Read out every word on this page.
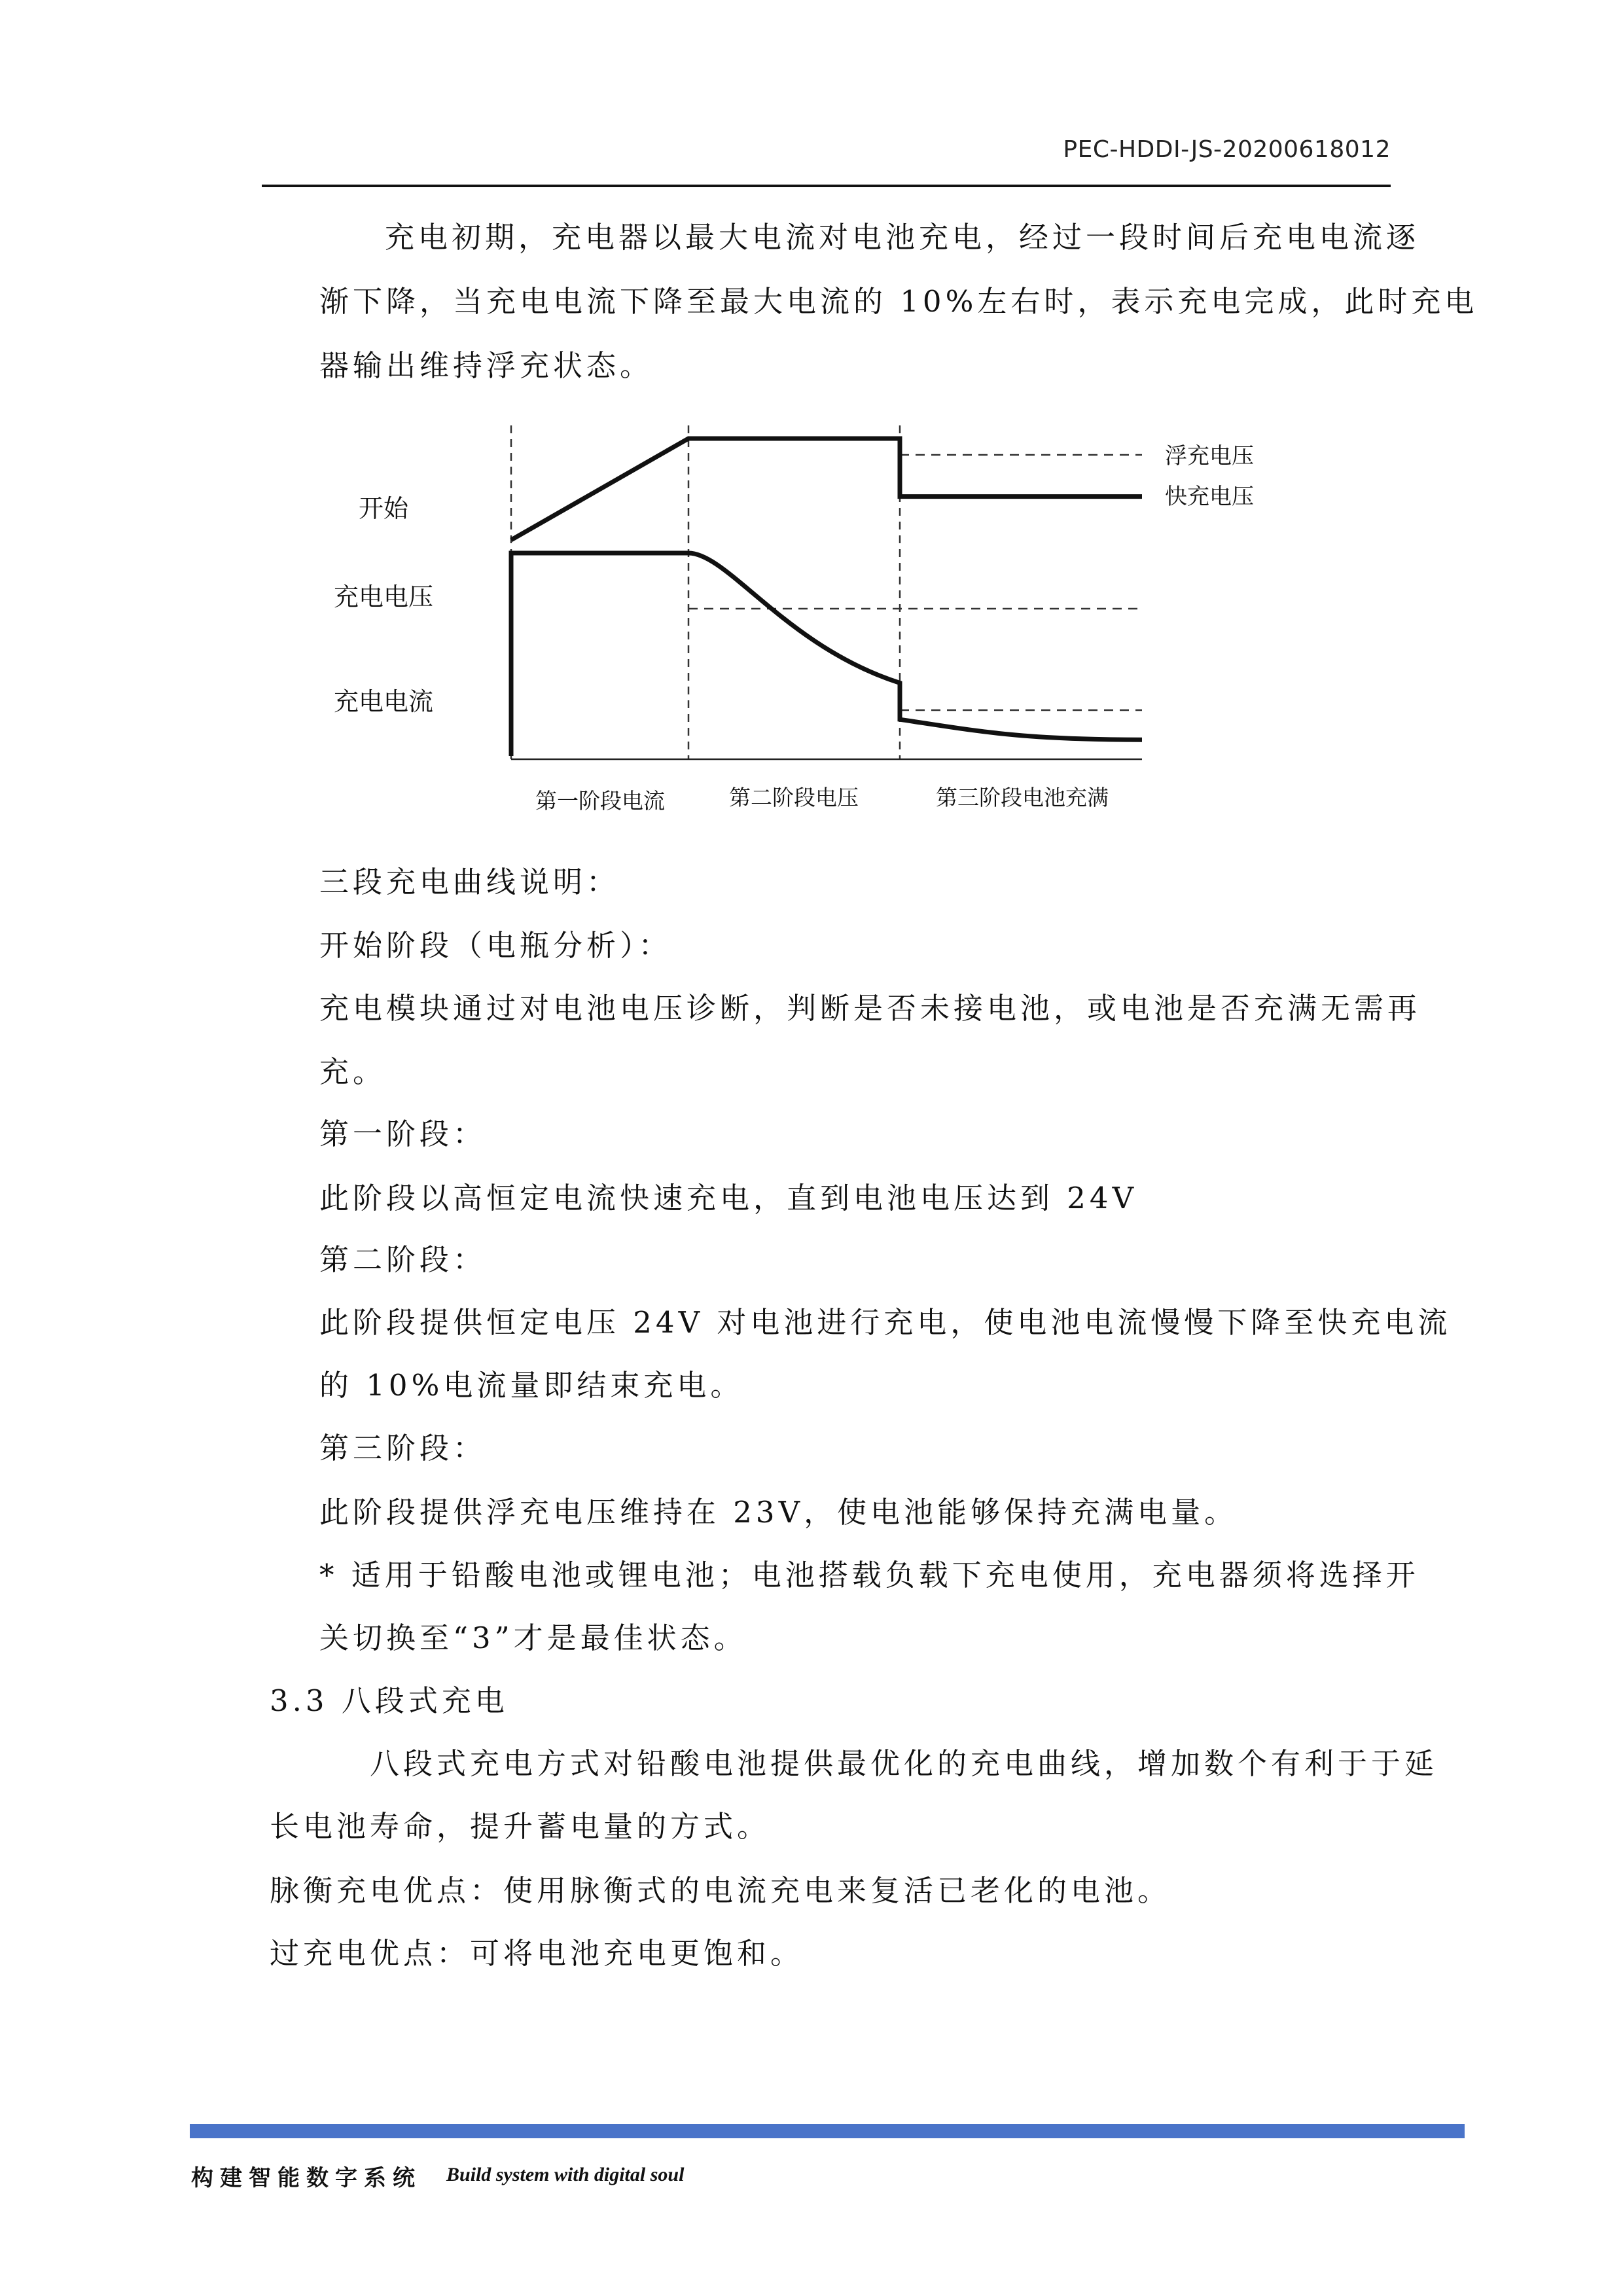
PEC-HDDI-JS-20200618012
充电初期，充电器以最大电流对电池充电，经过一段时间后充电电流逐
渐下降，当充电电流下降至最大电流的 10%左右时，表示充电完成，此时充电
器输出维持浮充状态。
开始
充电电压
充电电流
浮充电压
快充电压
第一阶段电流	第二阶段电压	第三阶段电池充满
三段充电曲线说明：
开始阶段（电瓶分析）：
充电模块通过对电池电压诊断，判断是否未接电池，或电池是否充满无需再
充。
第一阶段：
此阶段以高恒定电流快速充电，直到电池电压达到 24V
第二阶段：
此阶段提供恒定电压 24V 对电池进行充电，使电池电流慢慢下降至快充电流
的 10%电流量即结束充电。
第三阶段：
此阶段提供浮充电压维持在 23V，使电池能够保持充满电量。
* 适用于铅酸电池或锂电池；电池搭载负载下充电使用，充电器须将选择开
关切换至“3”才是最佳状态。
3.3 八段式充电
八段式充电方式对铅酸电池提供最优化的充电曲线，增加数个有利于于延
长电池寿命，提升蓄电量的方式。
脉衡充电优点：使用脉衡式的电流充电来复活已老化的电池。
过充电优点：可将电池充电更饱和。
构建智能数字系统 Build system with digital soul
